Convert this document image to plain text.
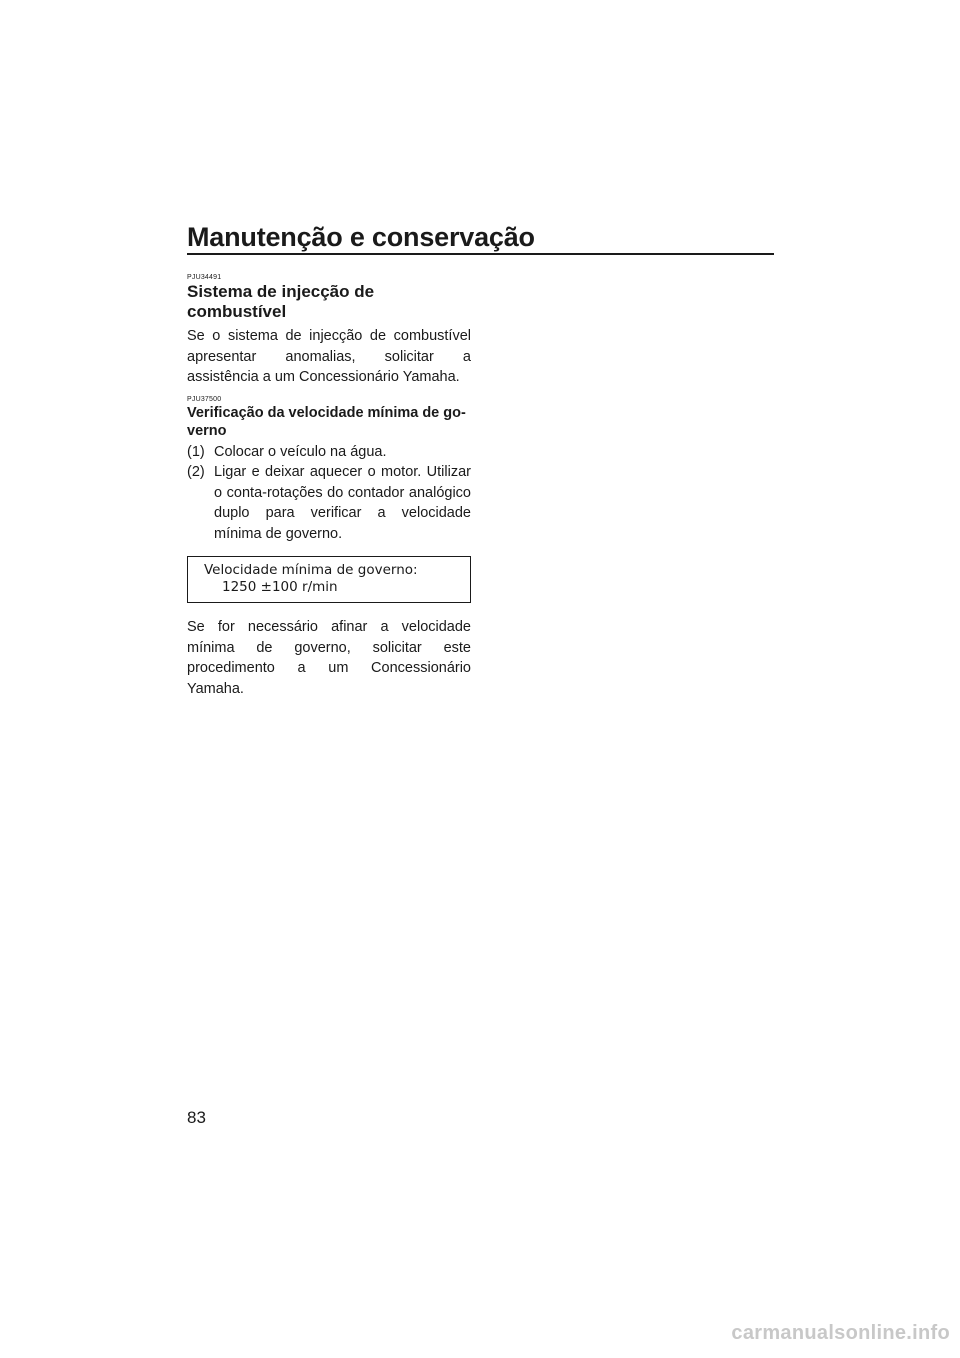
Manutenção e conservação
PJU34491
Sistema de injecção de combustível

Se o sistema de injecção de combustível apresentar anomalias, solicitar a assistência a um Concessionário Yamaha.

PJU37500
Verificação da velocidade mínima de go-verno
(1) Colocar o veículo na água.
(2) Ligar e deixar aquecer o motor. Utilizar o conta-rotações do contador analógico duplo para verificar a velocidade mínima de governo.
Velocidade mínima de governo:
1250 ±100 r/min

Se for necessário afinar a velocidade mínima de governo, solicitar este procedimento a um Concessionário Yamaha.

83
carmanualsonline.info
